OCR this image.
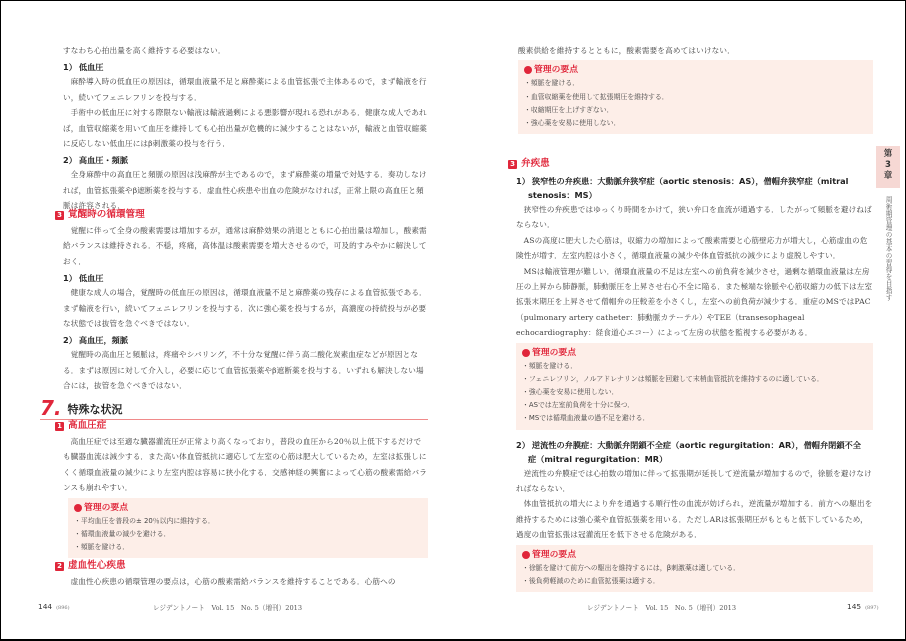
すなわち心拍出量を高く維持する必要はない．

1） 低血圧

麻酔導入時の低血圧の原因は，循環血液量不足と麻酔薬による血管拡張で主体あるので，まず輸液を行い，続いてフェニレフリンを投与する．

手術中の低血圧に対する際限ない輸液は輸液過剰による悪影響が現れる恐れがある．健康な成人であれば，血管収縮薬を用いて血圧を維持しても心拍出量が危機的に減少することはないが，輸液と血管収縮薬に反応しない低血圧にはβ刺激薬の投与を行う．

2） 高血圧・頻脈

全身麻酔中の高血圧と頻脈の原因は浅麻酔が主であるので，まず麻酔薬の増量で対処する．奏功しなければ，血管拡張薬やβ遮断薬を投与する．虚血性心疾患や出血の危険がなければ，正常上限の高血圧と頻脈は許容される．

3 覚醒時の循環管理

覚醒に伴って全身の酸素需要は増加するが，通常は麻酔効果の消退とともに心拍出量は増加し，酸素需給バランスは維持される．不穏，疼痛，高体温は酸素需要を増大させるので，可及的すみやかに解決しておく．

1） 低血圧

健康な成人の場合，覚醒時の低血圧の原因は，循環血液量不足と麻酔薬の残存による血管拡張である．まず輸液を行い，続いてフェニレフリンを投与する．次に強心薬を投与するが，高濃度の持続投与が必要な状態では抜管を急ぐべきではない．

2） 高血圧，頻脈

覚醒時の高血圧と頻脈は，疼痛やシバリング，不十分な覚醒に伴う高二酸化炭素血症などが原因となる．まずは原因に対して介入し，必要に応じて血管拡張薬やβ遮断薬を投与する．いずれも解決しない場合には，抜管を急ぐべきではない．

7. 特殊な状況
1 高血圧症

高血圧症では至適な臓器灌流圧が正常より高くなっており，普段の血圧から20％以上低下するだけでも臓器血流は減少する．また高い体血管抵抗に適応して左室の心筋は肥大しているため，左室は拡張しにくく循環血液量の減少により左室内腔は容易に狭小化する．交感神経の興奮によって心筋の酸素需給バランスも崩れやすい．

管理の要点
・ 平均血圧を普段の± 20％以内に維持する．
・ 循環血液量の減少を避ける．
・ 頻脈を避ける．
2 虚血性心疾患

虚血性心疾患の循環管理の要点は，心筋の酸素需給バランスを維持することである．心筋への

144 (896)	レジデントノート　Vol. 15　No. 5（増刊）2013

酸素供給を維持するとともに，酸素需要を高めてはいけない．

管理の要点
・ 頻脈を避ける．
・ 血管収縮薬を使用して拡張期圧を維持する．
・ 収縮期圧を上げすぎない．
・ 強心薬を安易に使用しない．
3 弁疾患
1） 狭窄性の弁疾患：大動脈弁狭窄症（aortic stenosis：AS），僧帽弁狭窄症（mitral
stenosis：MS）

狭窄性の弁疾患ではゆっくり時間をかけて，狭い弁口を血流が通過する．したがって頻脈を避けねばならない．

ASの高度に肥大した心筋は，収縮力の増加によって酸素需要と心筋壁応力が増大し，心筋虚血の危険性が増す．左室内腔は小さく，循環血液量の減少や体血管抵抗の減少により虚脱しやすい．

MSは輸液管理が難しい．循環血液量の不足は左室への前負荷を減少させ，過剰な循環血液量は左房圧の上昇から肺静脈，肺動脈圧を上昇させ右心不全に陥る．また極端な徐脈や心筋収縮力の低下は左室拡張末期圧を上昇させて僧帽弁の圧較差を小さくし，左室への前負荷が減少する．重症のMSではPAC（pulmonary artery catheter：肺動脈カテーテル）やTEE（transesophageal echocardiography：経食道心エコー）によって左房の状態を監視する必要がある．

管理の要点
・ 頻脈を避ける．
・ フェニレフリン，ノルアドレナリンは頻脈を回避して末梢血管抵抗を維持するのに適している．
・ 強心薬を安易に使用しない．
・ ASでは左室前負荷を十分に保つ．
・ MSでは循環血液量の過不足を避ける．
2） 逆流性の弁膜症：大動脈弁閉鎖不全症（aortic regurgitation：AR），僧帽弁閉鎖不全
症（mitral regurgitation：MR）

逆流性の弁膜症では心拍数の増加に伴って拡張期が延長して逆流量が増加するので，徐脈を避けなければならない．

体血管抵抗の増大により弁を通過する順行性の血流が妨げられ，逆流量が増加する．前方への駆出を維持するためには強心薬や血管拡張薬を用いる．ただしARは拡張期圧がもともと低下しているため，過度の血管拡張は冠灌流圧を低下させる危険がある．

管理の要点
・ 徐脈を避けて前方への駆出を維持するには，β刺激薬は適している．
・ 後負荷軽減のために血管拡張薬は適する．
レジデントノート　Vol. 15　No. 5（増刊）2013	145 (897)
第
3
章
周術期管理の基本の習得を目指す
